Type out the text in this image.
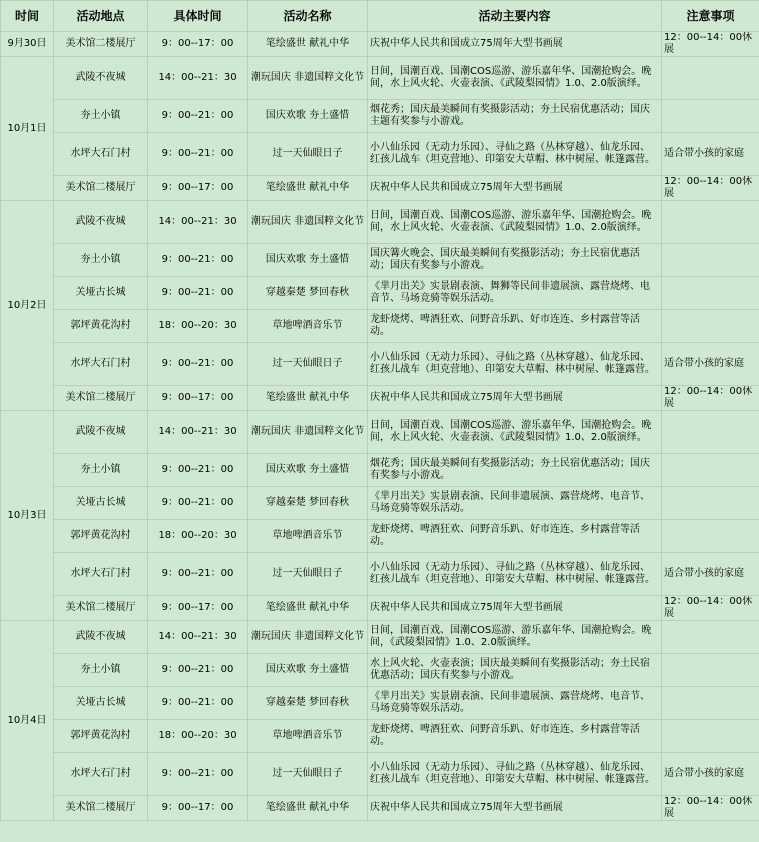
时间	活动地点	具体时间	活动名称	活动主要内容	注意事项
9月30日	美术馆二楼展厅	9：00--17：00	笔绘盛世 献礼中华	庆祝中华人民共和国成立75周年大型书画展	12：00--14：00休展
10月1日	武陵不夜城	14：00--21：30	潮玩国庆 非遗国粹文化节	日间，国潮百戏、国潮COS巡游、游乐嘉年华、国潮抢购会。晚间，水上风火轮、火壶表演、《武陵梨园情》1.0、2.0版演绎。	
	夯土小镇	9：00--21：00	国庆欢歌 夯土盛惜	烟花秀；国庆最美瞬间有奖摄影活动；夯土民宿优惠活动；国庆主题有奖参与小游戏。	
	水坪大石门村	9：00--21：00	过一天仙眼日子	小八仙乐园（无动力乐园）、寻仙之路（丛林穿越）、仙龙乐园、红孩儿战车（坦克营地）、印第安大草帽、林中树屋、帐篷露营。	适合带小孩的家庭
	美术馆二楼展厅	9：00--17：00	笔绘盛世 献礼中华	庆祝中华人民共和国成立75周年大型书画展	12：00--14：00休展
10月2日	武陵不夜城	14：00--21：30	潮玩国庆 非遗国粹文化节	日间，国潮百戏、国潮COS巡游、游乐嘉年华、国潮抢购会。晚间，水上风火轮、火壶表演、《武陵梨园情》1.0、2.0版演绎。	
	夯土小镇	9：00--21：00	国庆欢歌 夯土盛惜	国庆篝火晚会、国庆最美瞬间有奖摄影活动；夯土民宿优惠活动；国庆有奖参与小游戏。	
	关垭古长城	9：00--21：00	穿越秦楚 梦回春秋	《芈月出关》实景剧表演、舞狮等民间非遗展演、露营烧烤、电音节、马场竞骑等娱乐活动。	
	郭坪黄花沟村	18：00--20：30	草地啤酒音乐节	龙虾烧烤、啤酒狂欢、问野音乐趴、好市连连、乡村露营等活动。	
	水坪大石门村	9：00--21：00	过一天仙眼日子	小八仙乐园（无动力乐园）、寻仙之路（丛林穿越）、仙龙乐园、红孩儿战车（坦克营地）、印第安大草帽、林中树屋、帐篷露营。	适合带小孩的家庭
	美术馆二楼展厅	9：00--17：00	笔绘盛世 献礼中华	庆祝中华人民共和国成立75周年大型书画展	12：00--14：00休展
10月3日	武陵不夜城	14：00--21：30	潮玩国庆 非遗国粹文化节	日间，国潮百戏、国潮COS巡游、游乐嘉年华、国潮抢购会。晚间，水上风火轮、火壶表演、《武陵梨园情》1.0、2.0版演绎。	
	夯土小镇	9：00--21：00	国庆欢歌 夯土盛惜	烟花秀；国庆最美瞬间有奖摄影活动；夯土民宿优惠活动；国庆有奖参与小游戏。	
	关垭古长城	9：00--21：00	穿越秦楚 梦回春秋	《芈月出关》实景剧表演、民间非遗展演、露营烧烤、电音节、马场竞骑等娱乐活动。	
	郭坪黄花沟村	18：00--20：30	草地啤酒音乐节	龙虾烧烤、啤酒狂欢、问野音乐趴、好市连连、乡村露营等活动。	
	水坪大石门村	9：00--21：00	过一天仙眼日子	小八仙乐园（无动力乐园）、寻仙之路（丛林穿越）、仙龙乐园、红孩儿战车（坦克营地）、印第安大草帽、林中树屋、帐篷露营。	适合带小孩的家庭
	美术馆二楼展厅	9：00--17：00	笔绘盛世 献礼中华	庆祝中华人民共和国成立75周年大型书画展	12：00--14：00休展
10月4日	武陵不夜城	14：00--21：30	潮玩国庆 非遗国粹文化节	日间，国潮百戏、国潮COS巡游、游乐嘉年华、国潮抢购会。晚间，《武陵梨园情》1.0、2.0版演绎。	
	夯土小镇	9：00--21：00	国庆欢歌 夯土盛惜	水上风火轮、火壶表演；国庆最美瞬间有奖摄影活动；夯土民宿优惠活动；国庆有奖参与小游戏。	
	关垭古长城	9：00--21：00	穿越秦楚 梦回春秋	《芈月出关》实景剧表演、民间非遗展演、露营烧烤、电音节、马场竞骑等娱乐活动。	
	郭坪黄花沟村	18：00--20：30	草地啤酒音乐节	龙虾烧烤、啤酒狂欢、问野音乐趴、好市连连、乡村露营等活动。	
	水坪大石门村	9：00--21：00	过一天仙眼日子	小八仙乐园（无动力乐园）、寻仙之路（丛林穿越）、仙龙乐园、红孩儿战车（坦克营地）、印第安大草帽、林中树屋、帐篷露营。	适合带小孩的家庭
	美术馆二楼展厅	9：00--17：00	笔绘盛世 献礼中华	庆祝中华人民共和国成立75周年大型书画展	12：00--14：00休展
